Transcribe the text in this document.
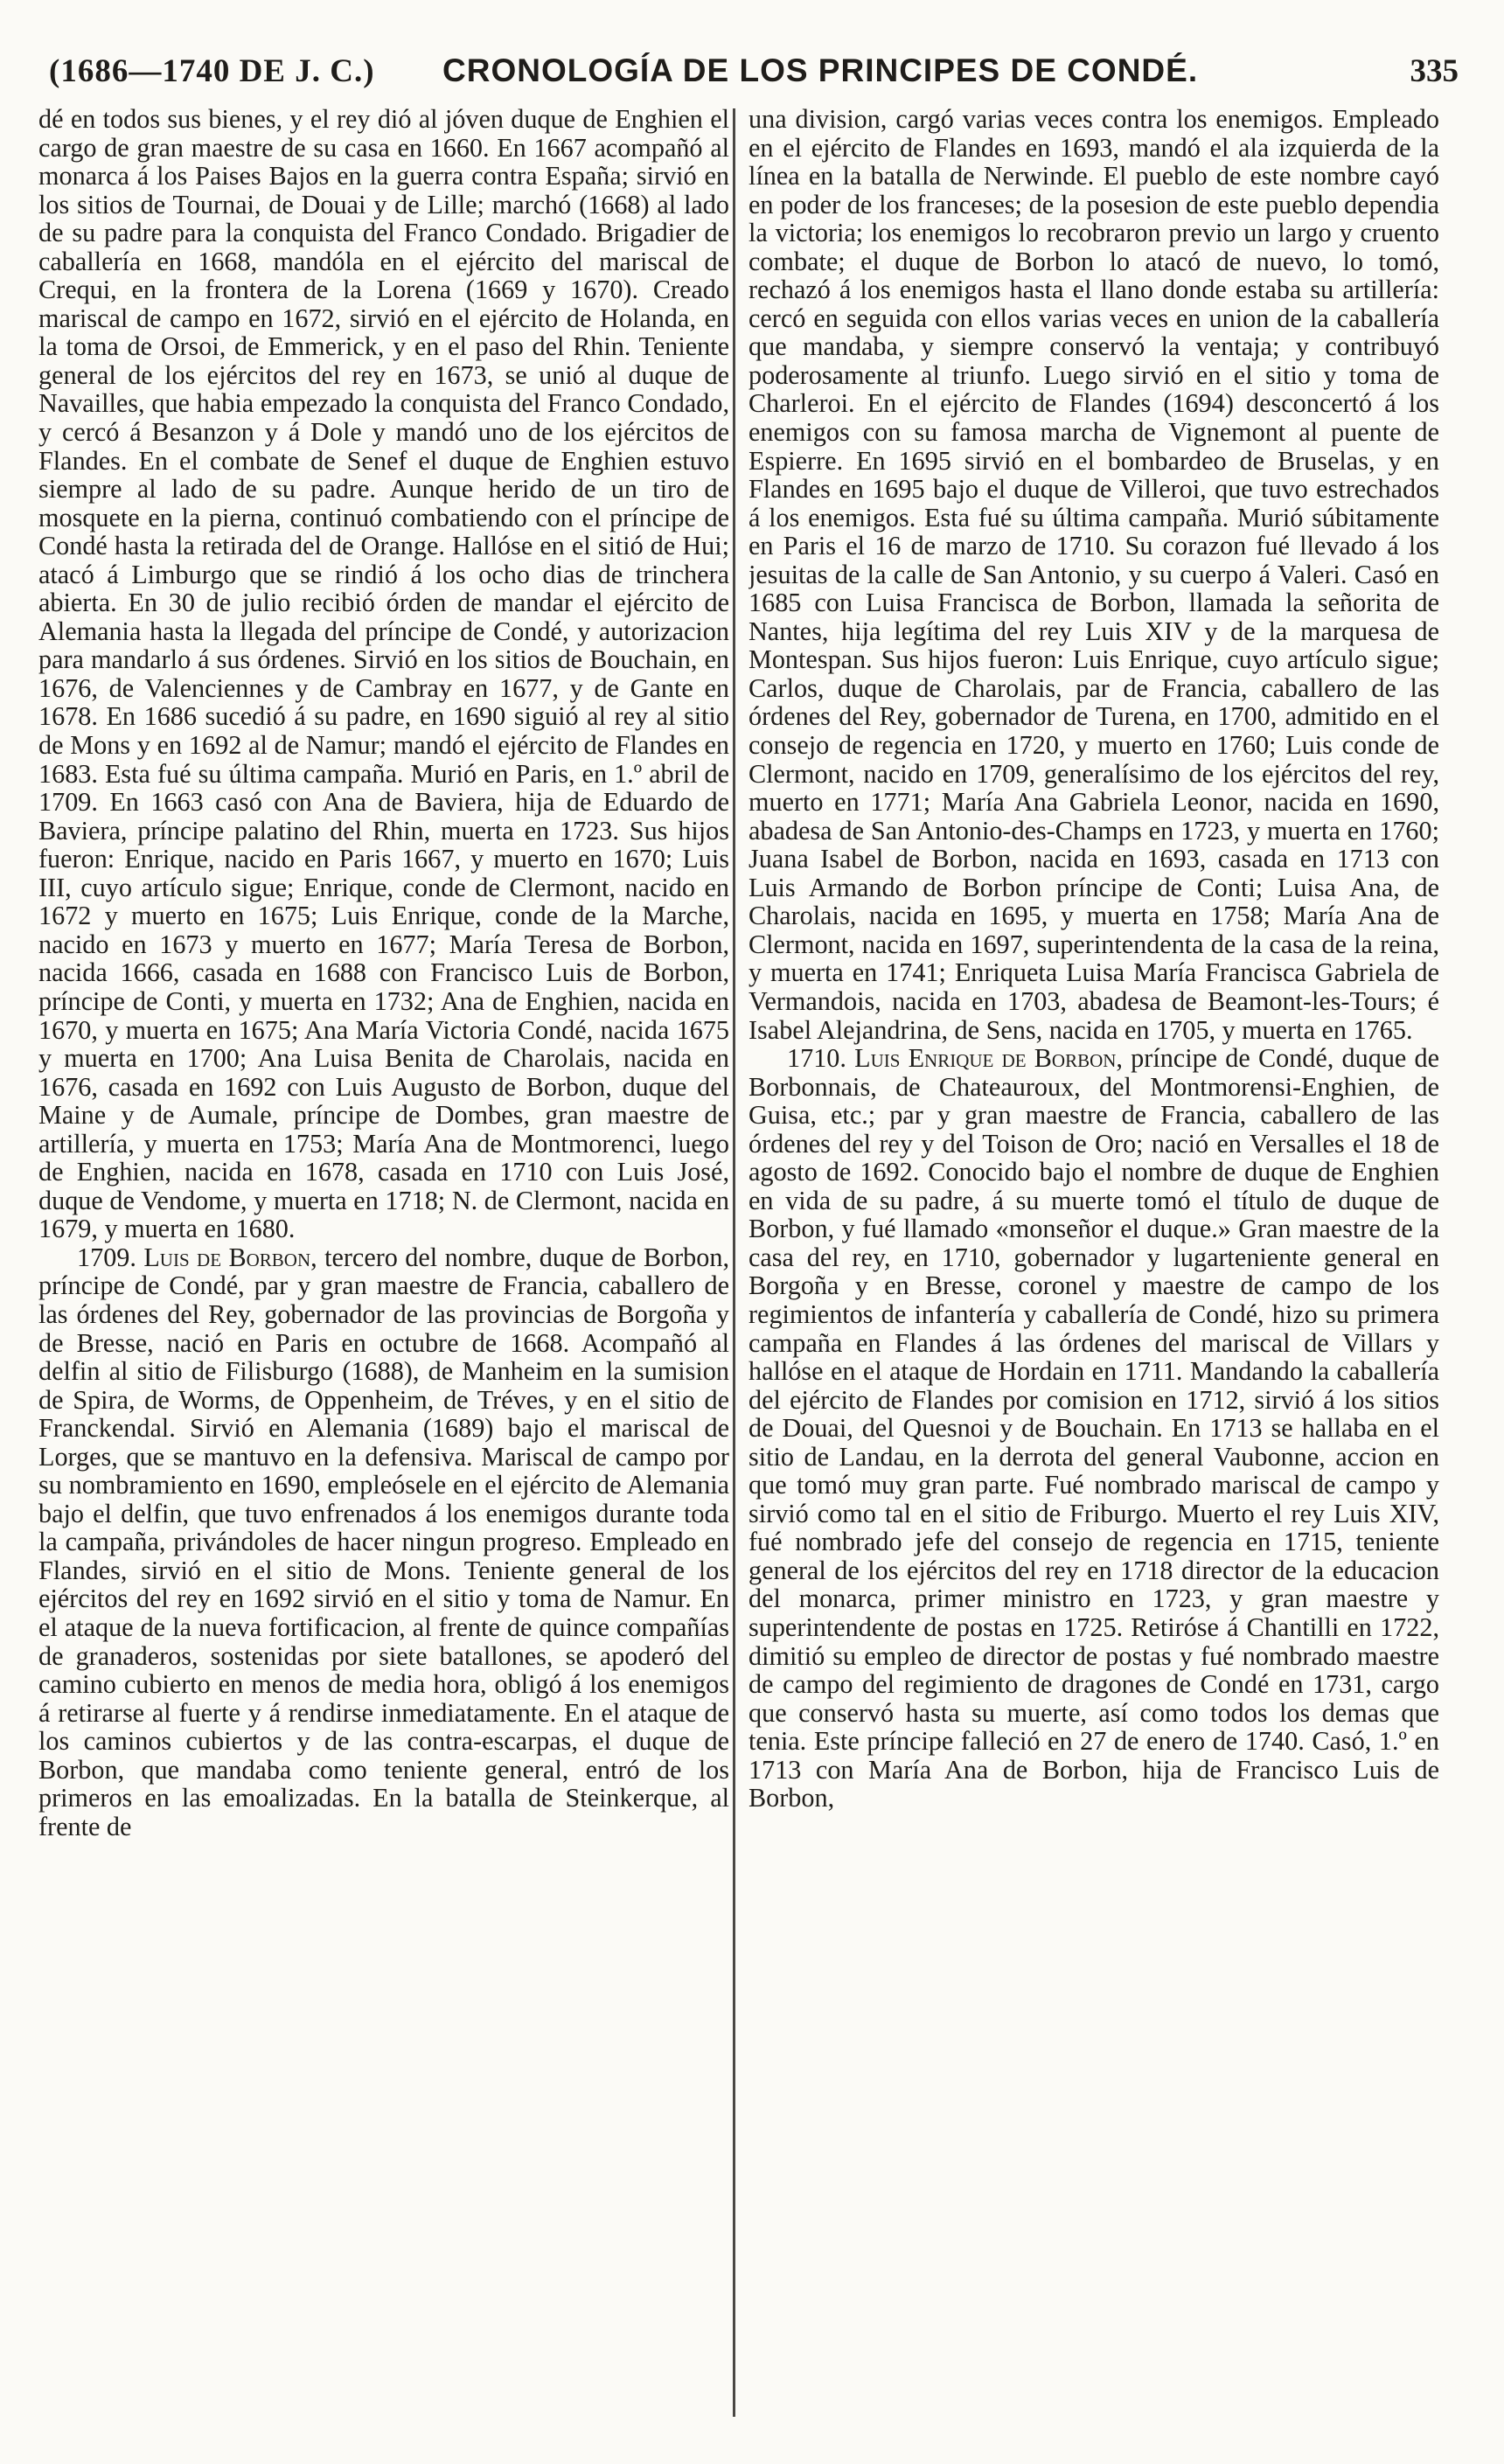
(1686—1740 DE J. C.) CRONOLOGÍA DE LOS PRINCIPES DE CONDÉ.	335

dé en todos sus bienes, y el rey dió al jóven duque de Enghien el cargo de gran maestre de su casa en 1660. En 1667 acompañó al monarca á los Paises Bajos en la guerra contra España; sirvió en los sitios de Tournai, de Douai y de Lille; marchó (1668) al lado de su padre para la conquista del Franco Condado. Brigadier de caballería en 1668, mandóla en el ejército del mariscal de Crequi, en la frontera de la Lorena (1669 y 1670). Creado mariscal de campo en 1672, sirvió en el ejército de Holanda, en la toma de Orsoi, de Emmerick, y en el paso del Rhin. Teniente general de los ejércitos del rey en 1673, se unió al duque de Navailles, que habia empezado la conquista del Franco Condado, y cercó á Besanzon y á Dole y mandó uno de los ejércitos de Flandes. En el combate de Senef el duque de Enghien estuvo siempre al lado de su padre. Aunque herido de un tiro de mosquete en la pierna, continuó combatiendo con el príncipe de Condé hasta la retirada del de Orange. Hallóse en el sitió de Hui; atacó á Limburgo que se rindió á los ocho dias de trinchera abierta. En 30 de julio recibió órden de mandar el ejército de Alemania hasta la llegada del príncipe de Condé, y autorizacion para mandarlo á sus órdenes. Sirvió en los sitios de Bouchain, en 1676, de Valenciennes y de Cambray en 1677, y de Gante en 1678. En 1686 sucedió á su padre, en 1690 siguió al rey al sitio de Mons y en 1692 al de Namur; mandó el ejército de Flandes en 1683. Esta fué su última campaña. Murió en Paris, en 1.º abril de 1709. En 1663 casó con Ana de Baviera, hija de Eduardo de Baviera, príncipe palatino del Rhin, muerta en 1723. Sus hijos fueron: Enrique, nacido en Paris 1667, y muerto en 1670; Luis III, cuyo artículo sigue; Enrique, conde de Clermont, nacido en 1672 y muerto en 1675; Luis Enrique, conde de la Marche, nacido en 1673 y muerto en 1677; María Teresa de Borbon, nacida 1666, casada en 1688 con Francisco Luis de Borbon, príncipe de Conti, y muerta en 1732; Ana de Enghien, nacida en 1670, y muerta en 1675; Ana María Victoria Condé, nacida 1675 y muerta en 1700; Ana Luisa Benita de Charolais, nacida en 1676, casada en 1692 con Luis Augusto de Borbon, duque del Maine y de Aumale, príncipe de Dombes, gran maestre de artillería, y muerta en 1753; María Ana de Montmorenci, luego de Enghien, nacida en 1678, casada en 1710 con Luis José, duque de Vendome, y muerta en 1718; N. de Clermont, nacida en 1679, y muerta en 1680.

1709. Luis de Borbon, tercero del nombre, duque de Borbon, príncipe de Condé, par y gran maestre de Francia, caballero de las órdenes del Rey, gobernador de las provincias de Borgoña y de Bresse, nació en Paris en octubre de 1668. Acompañó al delfin al sitio de Filisburgo (1688), de Manheim en la sumision de Spira, de Worms, de Oppenheim, de Tréves, y en el sitio de Franckendal. Sirvió en Alemania (1689) bajo el mariscal de Lorges, que se mantuvo en la defensiva. Mariscal de campo por su nombramiento en 1690, empleósele en el ejército de Alemania bajo el delfin, que tuvo enfrenados á los enemigos durante toda la campaña, privándoles de hacer ningun progreso. Empleado en Flandes, sirvió en el sitio de Mons. Teniente general de los ejércitos del rey en 1692 sirvió en el sitio y toma de Namur. En el ataque de la nueva fortificacion, al frente de quince compañías de granaderos, sostenidas por siete batallones, se apoderó del camino cubierto en menos de media hora, obligó á los enemigos á retirarse al fuerte y á rendirse inmediatamente. En el ataque de los caminos cubiertos y de las contra-escarpas, el duque de Borbon, que mandaba como teniente general, entró de los primeros en las emoalizadas. En la batalla de Steinkerque, al frente de

una division, cargó varias veces contra los enemigos. Empleado en el ejército de Flandes en 1693, mandó el ala izquierda de la línea en la batalla de Nerwinde. El pueblo de este nombre cayó en poder de los franceses; de la posesion de este pueblo dependia la victoria; los enemigos lo recobraron previo un largo y cruento combate; el duque de Borbon lo atacó de nuevo, lo tomó, rechazó á los enemigos hasta el llano donde estaba su artillería: cercó en seguida con ellos varias veces en union de la caballería que mandaba, y siempre conservó la ventaja; y contribuyó poderosamente al triunfo. Luego sirvió en el sitio y toma de Charleroi. En el ejército de Flandes (1694) desconcertó á los enemigos con su famosa marcha de Vignemont al puente de Espierre. En 1695 sirvió en el bombardeo de Bruselas, y en Flandes en 1695 bajo el duque de Villeroi, que tuvo estrechados á los enemigos. Esta fué su última campaña. Murió súbitamente en Paris el 16 de marzo de 1710. Su corazon fué llevado á los jesuitas de la calle de San Antonio, y su cuerpo á Valeri. Casó en 1685 con Luisa Francisca de Borbon, llamada la señorita de Nantes, hija legítima del rey Luis XIV y de la marquesa de Montespan. Sus hijos fueron: Luis Enrique, cuyo artículo sigue; Carlos, duque de Charolais, par de Francia, caballero de las órdenes del Rey, gobernador de Turena, en 1700, admitido en el consejo de regencia en 1720, y muerto en 1760; Luis conde de Clermont, nacido en 1709, generalísimo de los ejércitos del rey, muerto en 1771; María Ana Gabriela Leonor, nacida en 1690, abadesa de San Antonio-des-Champs en 1723, y muerta en 1760; Juana Isabel de Borbon, nacida en 1693, casada en 1713 con Luis Armando de Borbon príncipe de Conti; Luisa Ana, de Charolais, nacida en 1695, y muerta en 1758; María Ana de Clermont, nacida en 1697, superintendenta de la casa de la reina, y muerta en 1741; Enriqueta Luisa María Francisca Gabriela de Vermandois, nacida en 1703, abadesa de Beamont-les-Tours; é Isabel Alejandrina, de Sens, nacida en 1705, y muerta en 1765.

1710. Luis Enrique de Borbon, príncipe de Condé, duque de Borbonnais, de Chateauroux, del Montmorensi-Enghien, de Guisa, etc.; par y gran maestre de Francia, caballero de las órdenes del rey y del Toison de Oro; nació en Versalles el 18 de agosto de 1692. Conocido bajo el nombre de duque de Enghien en vida de su padre, á su muerte tomó el título de duque de Borbon, y fué llamado «monseñor el duque.» Gran maestre de la casa del rey, en 1710, gobernador y lugarteniente general en Borgoña y en Bresse, coronel y maestre de campo de los regimientos de infantería y caballería de Condé, hizo su primera campaña en Flandes á las órdenes del mariscal de Villars y hallóse en el ataque de Hordain en 1711. Mandando la caballería del ejército de Flandes por comision en 1712, sirvió á los sitios de Douai, del Quesnoi y de Bouchain. En 1713 se hallaba en el sitio de Landau, en la derrota del general Vaubonne, accion en que tomó muy gran parte. Fué nombrado mariscal de campo y sirvió como tal en el sitio de Friburgo. Muerto el rey Luis XIV, fué nombrado jefe del consejo de regencia en 1715, teniente general de los ejércitos del rey en 1718 director de la educacion del monarca, primer ministro en 1723, y gran maestre y superintendente de postas en 1725. Retiróse á Chantilli en 1722, dimitió su empleo de director de postas y fué nombrado maestre de campo del regimiento de dragones de Condé en 1731, cargo que conservó hasta su muerte, así como todos los demas que tenia. Este príncipe falleció en 27 de enero de 1740. Casó, 1.º en 1713 con María Ana de Borbon, hija de Francisco Luis de Borbon,
